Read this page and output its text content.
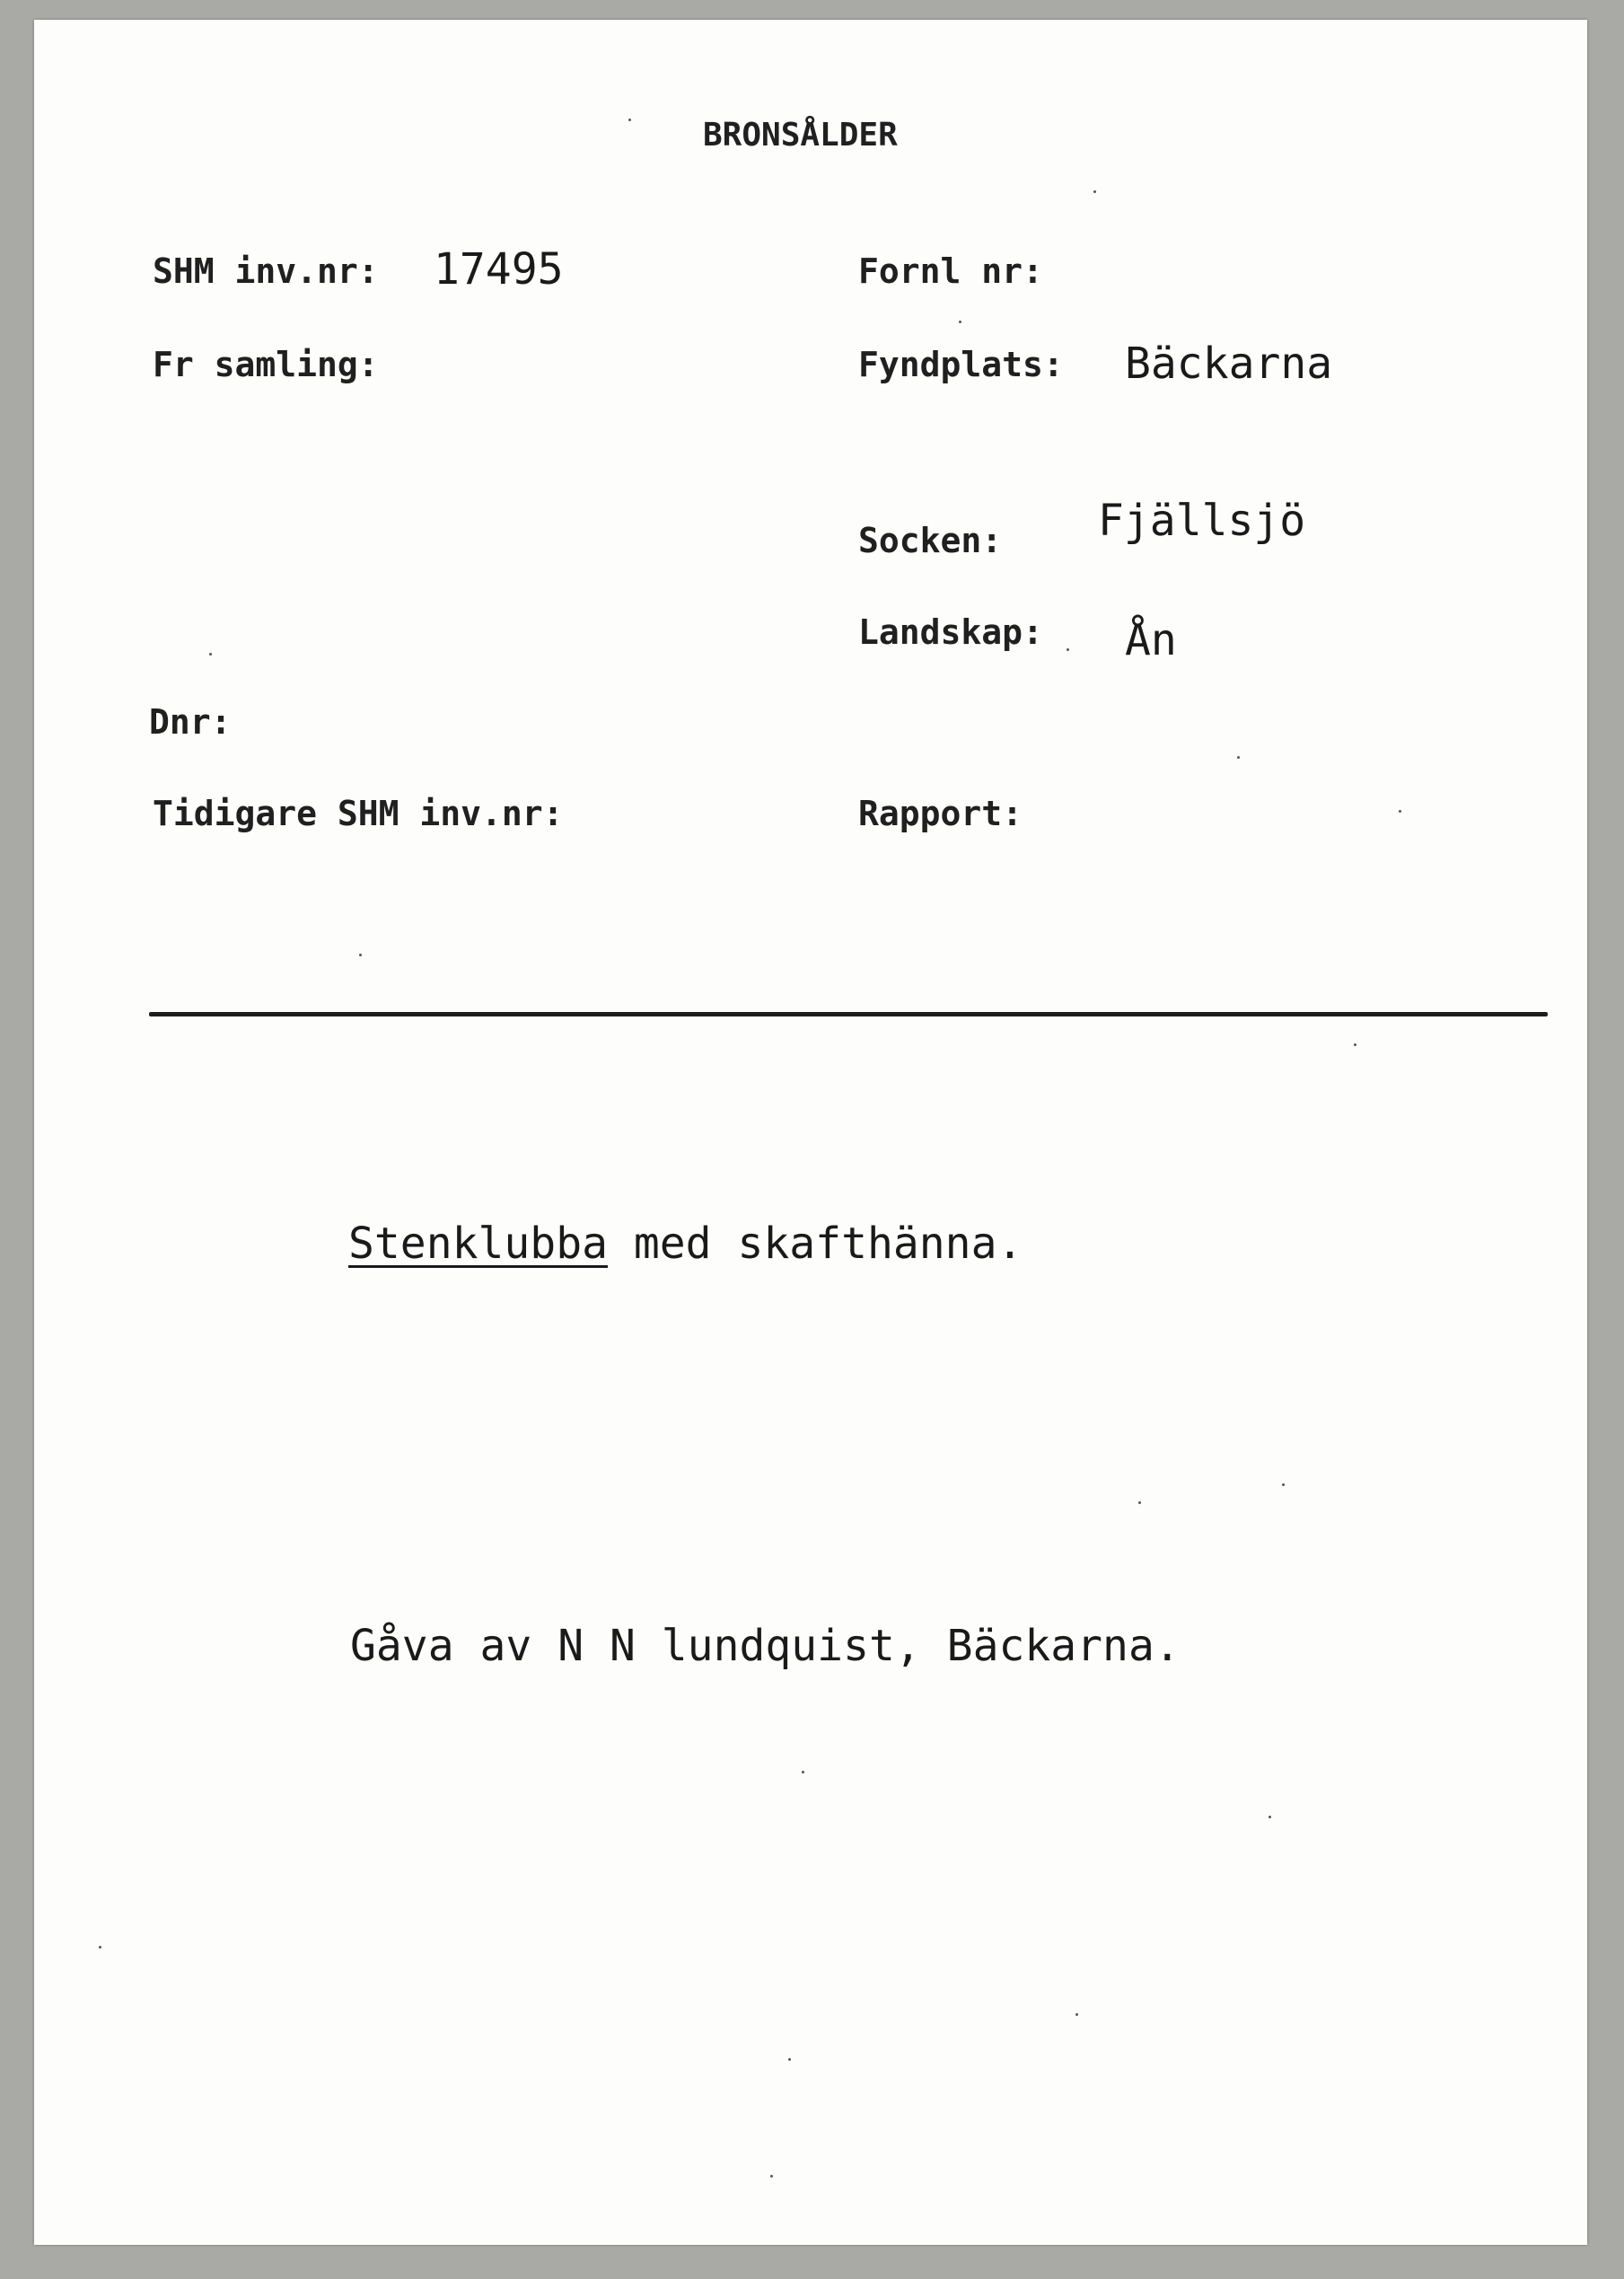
BRONSÅLDER
SHM inv.nr: 17495	Fornl nr:
Fr samling:	Fyndplats: Bäckarna
Socken: Fjällsjö
Landskap: Ån
Dnr:
Tidigare SHM inv.nr:	Rapport:
Stenklubba med skafthänna.
Gåva av N N lundquist, Bäckarna.
